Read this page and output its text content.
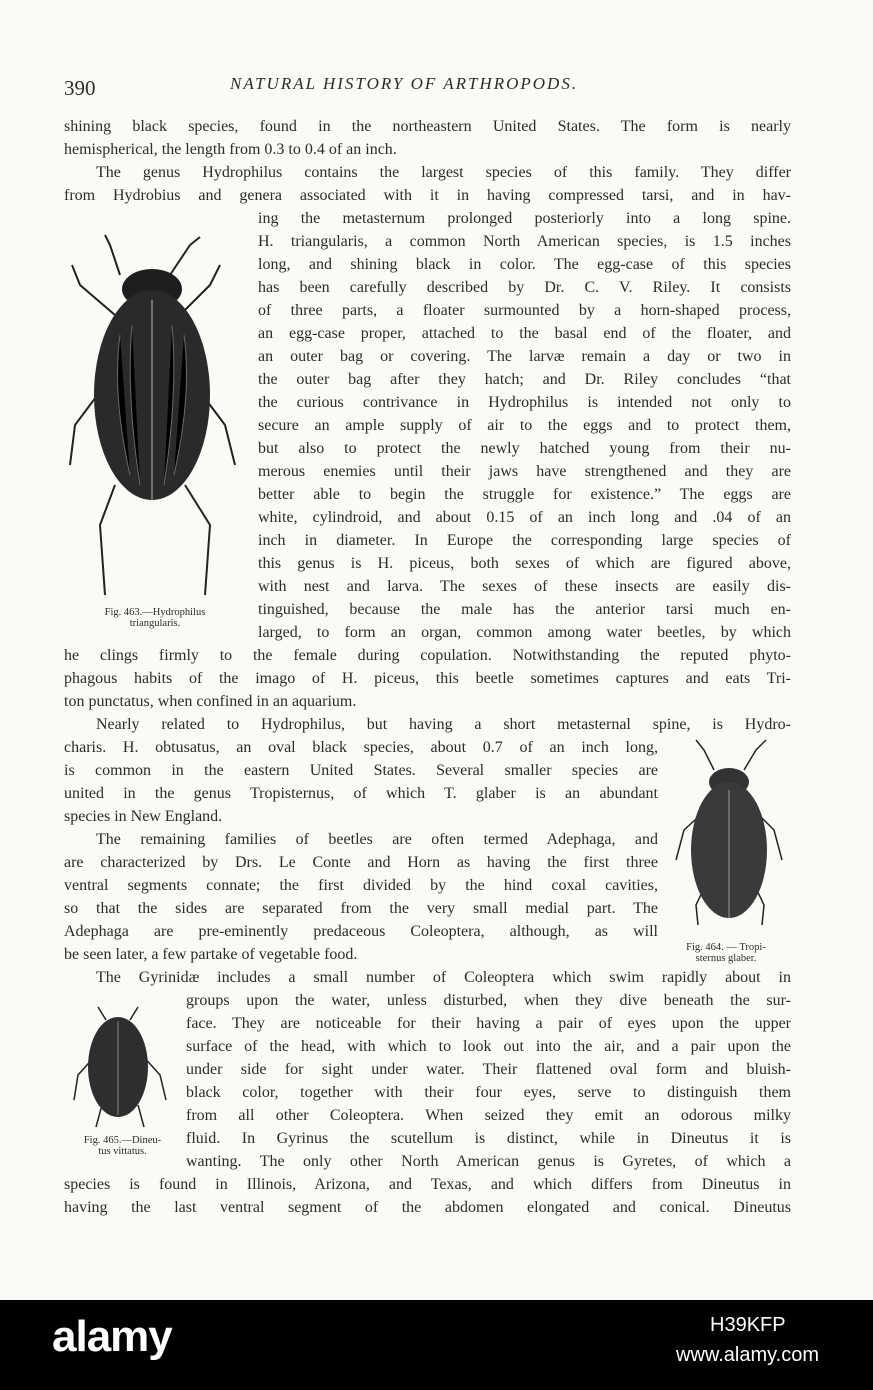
390	NATURAL HISTORY OF ARTHROPODS.
Fig. 463.—Hydrophilus
triangularis.
Fig. 464. — Tropi-
sternus glaber.
Fig. 465.—Dineu-
tus vittatus.
shining black species, found in the northeastern United States. The form is nearly
hemispherical, the length from 0.3 to 0.4 of an inch.
The genus Hydrophilus contains the largest species of this family. They differ
from Hydrobius and genera associated with it in having compressed tarsi, and in hav-
ing the metasternum prolonged posteriorly into a long spine.
H. triangularis, a common North American species, is 1.5 inches
long, and shining black in color. The egg-case of this species
has been carefully described by Dr. C. V. Riley. It consists
of three parts, a floater surmounted by a horn-shaped process,
an egg-case proper, attached to the basal end of the floater, and
an outer bag or covering. The larvæ remain a day or two in
the outer bag after they hatch; and Dr. Riley concludes “that
the curious contrivance in Hydrophilus is intended not only to
secure an ample supply of air to the eggs and to protect them,
but also to protect the newly hatched young from their nu-
merous enemies until their jaws have strengthened and they are
better able to begin the struggle for existence.” The eggs are
white, cylindroid, and about 0.15 of an inch long and .04 of an
inch in diameter. In Europe the corresponding large species of
this genus is H. piceus, both sexes of which are figured above,
with nest and larva. The sexes of these insects are easily dis-
tinguished, because the male has the anterior tarsi much en-
larged, to form an organ, common among water beetles, by which
he clings firmly to the female during copulation. Notwithstanding the reputed phyto-
phagous habits of the imago of H. piceus, this beetle sometimes captures and eats Tri-
ton punctatus, when confined in an aquarium.
Nearly related to Hydrophilus, but having a short metasternal spine, is Hydro-
charis. H. obtusatus, an oval black species, about 0.7 of an inch long,
is common in the eastern United States. Several smaller species are
united in the genus Tropisternus, of which T. glaber is an abundant
species in New England.
The remaining families of beetles are often termed Adephaga, and
are characterized by Drs. Le Conte and Horn as having the first three
ventral segments connate; the first divided by the hind coxal cavities,
so that the sides are separated from the very small medial part. The
Adephaga are pre-eminently predaceous Coleoptera, although, as will
be seen later, a few partake of vegetable food.
The Gyrinidæ includes a small number of Coleoptera which swim rapidly about in
groups upon the water, unless disturbed, when they dive beneath the sur-
face. They are noticeable for their having a pair of eyes upon the upper
surface of the head, with which to look out into the air, and a pair upon the
under side for sight under water. Their flattened oval form and bluish-
black color, together with their four eyes, serve to distinguish them
from all other Coleoptera. When seized they emit an odorous milky
fluid. In Gyrinus the scutellum is distinct, while in Dineutus it is
wanting. The only other North American genus is Gyretes, of which a
species is found in Illinois, Arizona, and Texas, and which differs from Dineutus in
having the last ventral segment of the abdomen elongated and conical. Dineutus
alamy	H39KFP
www.alamy.com
